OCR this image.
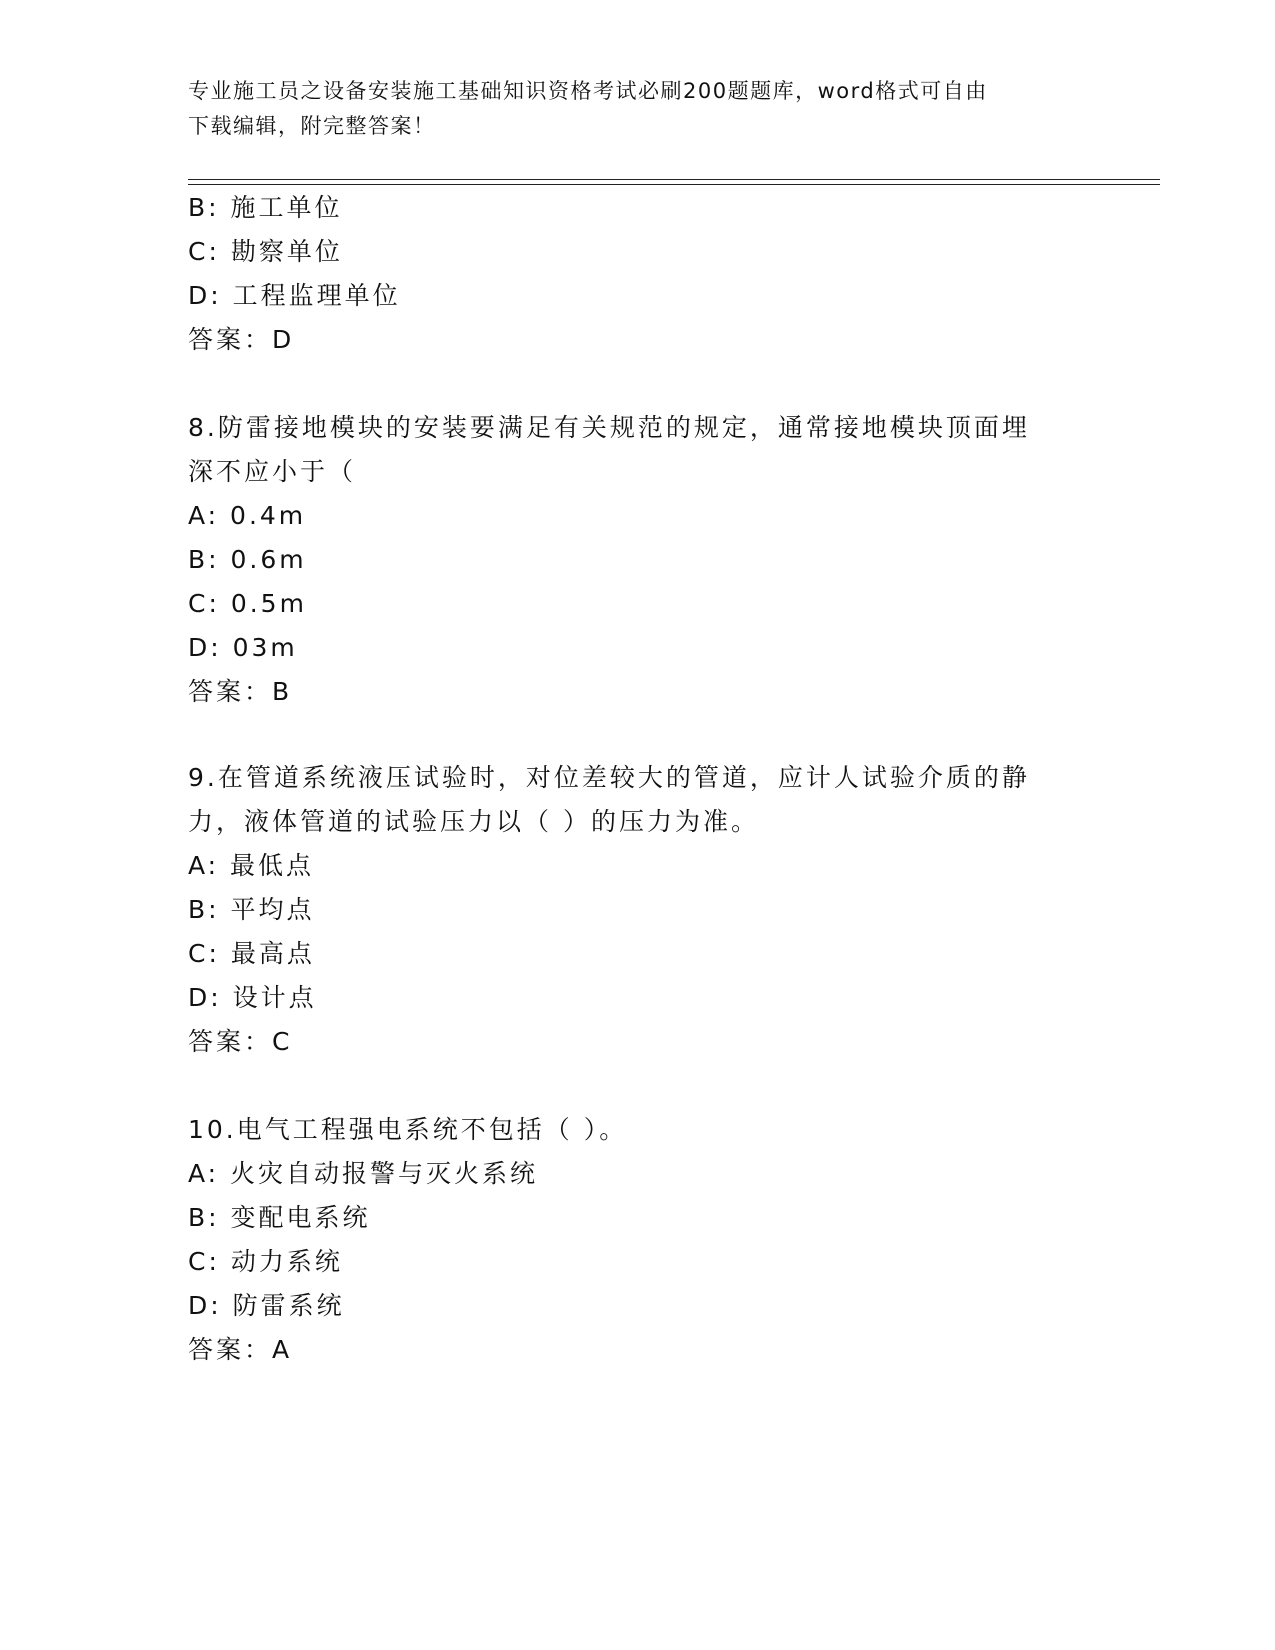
专业施工员之设备安装施工基础知识资格考试必刷200题题库，word格式可自由
下载编辑，附完整答案！
B: 施工单位
C: 勘察单位
D: 工程监理单位
答案：D
8.防雷接地模块的安装要满足有关规范的规定，通常接地模块顶面埋
深不应小于（
A: 0.4m
B: 0.6m
C: 0.5m
D: 03m
答案：B
9.在管道系统液压试验时，对位差较大的管道，应计人试验介质的静
力，液体管道的试验压力以（ ）的压力为准。
A: 最低点
B: 平均点
C: 最高点
D: 设计点
答案：C
10.电气工程强电系统不包括（ ）。
A: 火灾自动报警与灭火系统
B: 变配电系统
C: 动力系统
D: 防雷系统
答案：A
